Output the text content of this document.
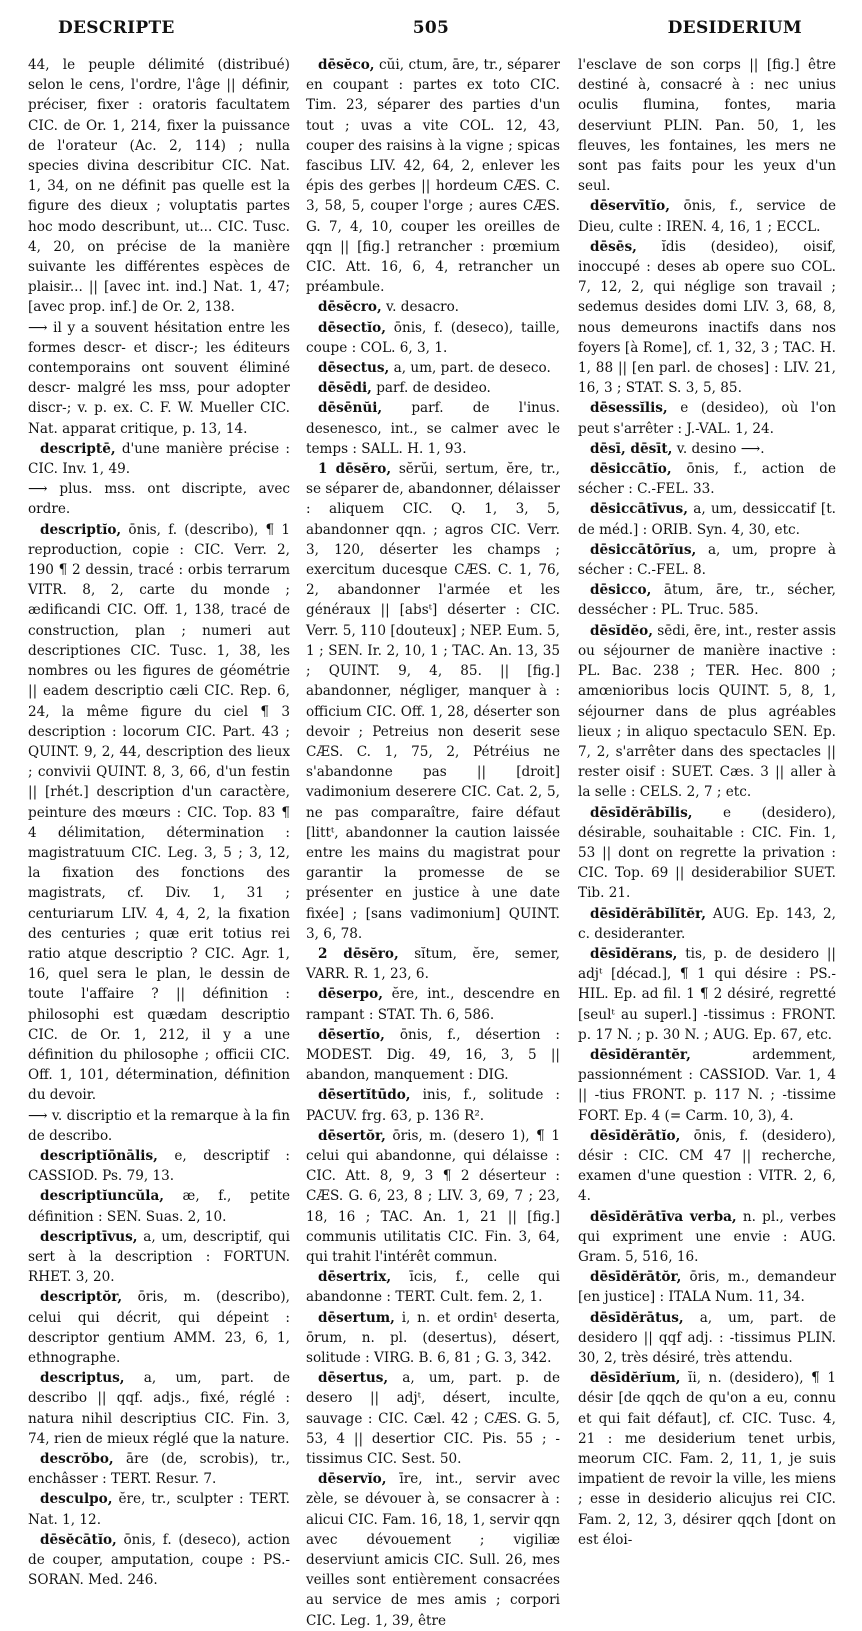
DESCRIPTE	505	DESIDERIUM

44, le peuple délimité (distribué) selon le cens, l'ordre, l'âge || définir, préciser, fixer : oratoris facultatem CIC. de Or. 1, 214, fixer la puissance de l'orateur (Ac. 2, 114) ; nulla species divina describitur CIC. Nat. 1, 34, on ne définit pas quelle est la figure des dieux ; voluptatis partes hoc modo describunt, ut... CIC. Tusc. 4, 20, on précise de la manière suivante les différentes espèces de plaisir... || [avec int. ind.] Nat. 1, 47; [avec prop. inf.] de Or. 2, 138.

⟶ il y a souvent hésitation entre les formes descr- et discr-; les éditeurs contemporains ont souvent éliminé descr- malgré les mss, pour adopter discr-; v. p. ex. C. F. W. Mueller CIC. Nat. apparat critique, p. 13, 14.

descriptē, d'une manière précise : CIC. Inv. 1, 49.

⟶ plus. mss. ont discripte, avec ordre.

descriptĭo, ōnis, f. (describo), ¶ 1 reproduction, copie : CIC. Verr. 2, 190 ¶ 2 dessin, tracé : orbis terrarum VITR. 8, 2, carte du monde ; ædificandi CIC. Off. 1, 138, tracé de construction, plan ; numeri aut descriptiones CIC. Tusc. 1, 38, les nombres ou les figures de géométrie || eadem descriptio cæli CIC. Rep. 6, 24, la même figure du ciel ¶ 3 description : locorum CIC. Part. 43 ; QUINT. 9, 2, 44, description des lieux ; convivii QUINT. 8, 3, 66, d'un festin || [rhét.] description d'un caractère, peinture des mœurs : CIC. Top. 83 ¶ 4 délimitation, détermination : magistratuum CIC. Leg. 3, 5 ; 3, 12, la fixation des fonctions des magistrats, cf. Div. 1, 31 ; centuriarum LIV. 4, 4, 2, la fixation des centuries ; quæ erit totius rei ratio atque descriptio ? CIC. Agr. 1, 16, quel sera le plan, le dessin de toute l'affaire ? || définition : philosophi est quædam descriptio CIC. de Or. 1, 212, il y a une définition du philosophe ; officii CIC. Off. 1, 101, détermination, définition du devoir.

⟶ v. discriptio et la remarque à la fin de describo.

descriptĭōnālis, e, descriptif : CASSIOD. Ps. 79, 13.

descriptĭuncŭla, æ, f., petite définition : SEN. Suas. 2, 10.

descriptīvus, a, um, descriptif, qui sert à la description : FORTUN. RHET. 3, 20.

descriptŏr, ōris, m. (describo), celui qui décrit, qui dépeint : descriptor gentium AMM. 23, 6, 1, ethnographe.

descriptus, a, um, part. de describo || qqf. adjs., fixé, réglé : natura nihil descriptius CIC. Fin. 3, 74, rien de mieux réglé que la nature.

descrŏbo, āre (de, scrobis), tr., enchâsser : TERT. Resur. 7.

desculpo, ĕre, tr., sculpter : TERT. Nat. 1, 12.

dēsĕcātĭo, ōnis, f. (deseco), action de couper, amputation, coupe : PS.-SORAN. Med. 246.

dēsĕco, cŭi, ctum, āre, tr., séparer en coupant : partes ex toto CIC. Tim. 23, séparer des parties d'un tout ; uvas a vite COL. 12, 43, couper des raisins à la vigne ; spicas fascibus LIV. 42, 64, 2, enlever les épis des gerbes || hordeum CÆS. C. 3, 58, 5, couper l'orge ; aures CÆS. G. 7, 4, 10, couper les oreilles de qqn || [fig.] retrancher : prœmium CIC. Att. 16, 6, 4, retrancher un préambule.

dēsĕcro, v. desacro.

dēsectĭo, ōnis, f. (deseco), taille, coupe : COL. 6, 3, 1.

dēsectus, a, um, part. de deseco.

dēsēdi, parf. de desideo.

dēsēnŭi, parf. de l'inus. desenesco, int., se calmer avec le temps : SALL. H. 1, 93.

1 dēsĕro, sĕrŭi, sertum, ĕre, tr., se séparer de, abandonner, délaisser : aliquem CIC. Q. 1, 3, 5, abandonner qqn. ; agros CIC. Verr. 3, 120, déserter les champs ; exercitum ducesque CÆS. C. 1, 76, 2, abandonner l'armée et les généraux || [absᵗ] déserter : CIC. Verr. 5, 110 [douteux] ; NEP. Eum. 5, 1 ; SEN. Ir. 2, 10, 1 ; TAC. An. 13, 35 ; QUINT. 9, 4, 85. || [fig.] abandonner, négliger, manquer à : officium CIC. Off. 1, 28, déserter son devoir ; Petreius non deserit sese CÆS. C. 1, 75, 2, Pétréius ne s'abandonne pas || [droit] vadimonium deserere CIC. Cat. 2, 5, ne pas comparaître, faire défaut [littᵗ, abandonner la caution laissée entre les mains du magistrat pour garantir la promesse de se présenter en justice à une date fixée] ; [sans vadimonium] QUINT. 3, 6, 78.

2 dēsĕro, sĭtum, ĕre, semer, VARR. R. 1, 23, 6.

dēserpo, ĕre, int., descendre en rampant : STAT. Th. 6, 586.

dēsertĭo, ōnis, f., désertion : MODEST. Dig. 49, 16, 3, 5 || abandon, manquement : DIG.

dēsertĭtūdo, inis, f., solitude : PACUV. frg. 63, p. 136 R².

dēsertŏr, ōris, m. (desero 1), ¶ 1 celui qui abandonne, qui délaisse : CIC. Att. 8, 9, 3 ¶ 2 déserteur : CÆS. G. 6, 23, 8 ; LIV. 3, 69, 7 ; 23, 18, 16 ; TAC. An. 1, 21 || [fig.] communis utilitatis CIC. Fin. 3, 64, qui trahit l'intérêt commun.

dēsertrix, īcis, f., celle qui abandonne : TERT. Cult. fem. 2, 1.

dēsertum, i, n. et ordinᵗ deserta, ōrum, n. pl. (desertus), désert, solitude : VIRG. B. 6, 81 ; G. 3, 342.

dēsertus, a, um, part. p. de desero || adjᵗ, désert, inculte, sauvage : CIC. Cæl. 42 ; CÆS. G. 5, 53, 4 || desertior CIC. Pis. 55 ; -tissimus CIC. Sest. 50.

dēservĭo, īre, int., servir avec zèle, se dévouer à, se consacrer à : alicui CIC. Fam. 16, 18, 1, servir qqn avec dévouement ; vigiliæ deserviunt amicis CIC. Sull. 26, mes veilles sont entièrement consacrées au service de mes amis ; corpori CIC. Leg. 1, 39, être

l'esclave de son corps || [fig.] être destiné à, consacré à : nec unius oculis flumina, fontes, maria deserviunt PLIN. Pan. 50, 1, les fleuves, les fontaines, les mers ne sont pas faits pour les yeux d'un seul.

dēservītĭo, ōnis, f., service de Dieu, culte : IREN. 4, 16, 1 ; ECCL.

dēsēs, ĭdis (desideo), oisif, inoccupé : deses ab opere suo COL. 7, 12, 2, qui néglige son travail ; sedemus desides domi LIV. 3, 68, 8, nous demeurons inactifs dans nos foyers [à Rome], cf. 1, 32, 3 ; TAC. H. 1, 88 || [en parl. de choses] : LIV. 21, 16, 3 ; STAT. S. 3, 5, 85.

dēsessĭlis, e (desideo), où l'on peut s'arrêter : J.-VAL. 1, 24.

dēsī, dēsīt, v. desino ⟶.

dēsiccātĭo, ōnis, f., action de sécher : C.-FEL. 33.

dēsiccātīvus, a, um, dessiccatif [t. de méd.] : ORIB. Syn. 4, 30, etc.

dēsiccātōrĭus, a, um, propre à sécher : C.-FEL. 8.

dēsicco, ātum, āre, tr., sécher, dessécher : PL. Truc. 585.

dēsĭdĕo, sēdi, ēre, int., rester assis ou séjourner de manière inactive : PL. Bac. 238 ; TER. Hec. 800 ; amœnioribus locis QUINT. 5, 8, 1, séjourner dans de plus agréables lieux ; in aliquo spectaculo SEN. Ep. 7, 2, s'arrêter dans des spectacles || rester oisif : SUET. Cæs. 3 || aller à la selle : CELS. 2, 7 ; etc.

dēsīdĕrābĭlis, e (desidero), désirable, souhaitable : CIC. Fin. 1, 53 || dont on regrette la privation : CIC. Top. 69 || desiderabilior SUET. Tib. 21.

dēsīdĕrābĭlĭtĕr, AUG. Ep. 143, 2, c. desideranter.

dēsīdĕrans, tis, p. de desidero || adjᵗ [décad.], ¶ 1 qui désire : PS.-HIL. Ep. ad fil. 1 ¶ 2 désiré, regretté [seulᵗ au superl.] -tissimus : FRONT. p. 17 N. ; p. 30 N. ; AUG. Ep. 67, etc.

dēsīdĕrantĕr,	ardemment, passionnément : CASSIOD. Var. 1, 4 || -tius FRONT. p. 117 N. ; -tissime FORT. Ep. 4 (= Carm. 10, 3), 4.

dēsīdĕrātĭo, ōnis, f. (desidero), désir : CIC. CM 47 || recherche, examen d'une question : VITR. 2, 6, 4.

dēsīdĕrātīva verba, n. pl., verbes qui expriment une envie : AUG. Gram. 5, 516, 16.

dēsīdĕrātŏr, ōris, m., demandeur [en justice] : ITALA Num. 11, 34.

dēsīdĕrātus, a, um, part. de desidero || qqf adj. : -tissimus PLIN. 30, 2, très désiré, très attendu.

dēsīdĕrĭum, ĭi, n. (desidero), ¶ 1 désir [de qqch de qu'on a eu, connu et qui fait défaut], cf. CIC. Tusc. 4, 21 : me desiderium tenet urbis, meorum CIC. Fam. 2, 11, 1, je suis impatient de revoir la ville, les miens ; esse in desiderio alicujus rei CIC. Fam. 2, 12, 3, désirer qqch [dont on est éloi-
